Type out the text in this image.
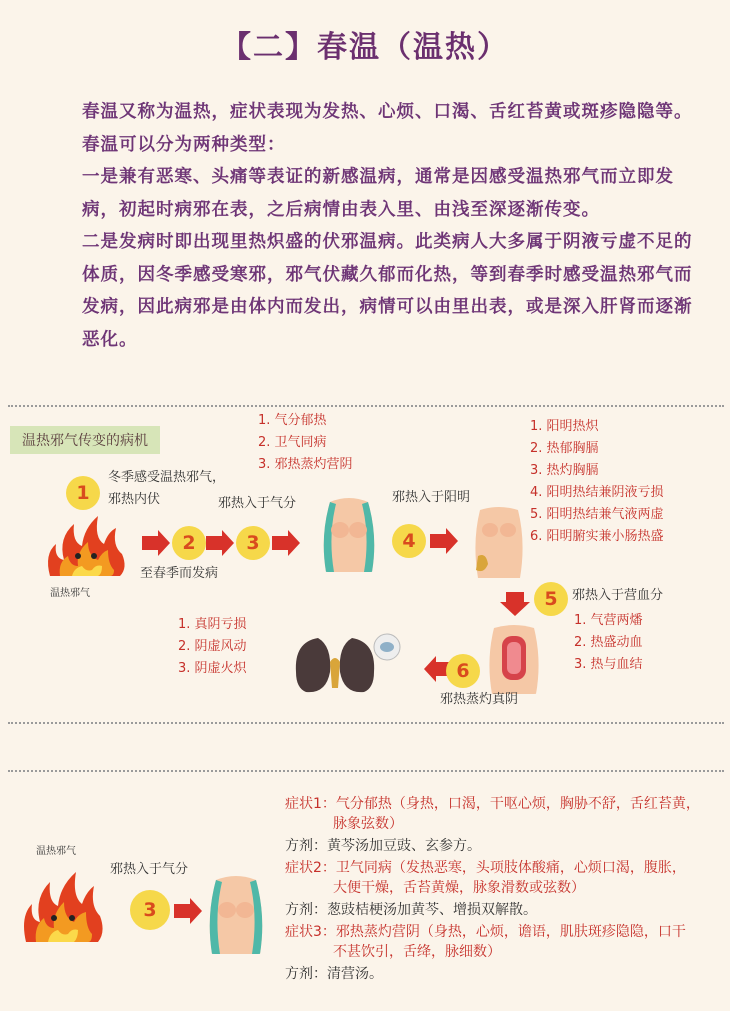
【二】春温（温热）

春温又称为温热，症状表现为发热、心烦、口渴、舌红苔黄或斑疹隐隐等。春温可以分为两种类型：

一是兼有恶寒、头痛等表证的新感温病，通常是因感受温热邪气而立即发病，初起时病邪在表，之后病情由表入里、由浅至深逐渐传变。

二是发病时即出现里热炽盛的伏邪温病。此类病人大多属于阴液亏虚不足的体质，因冬季感受寒邪，邪气伏藏久郁而化热，等到春季时感受温热邪气而发病，因此病邪是由体内而发出，病情可以由里出表，或是深入肝肾而逐渐恶化。

温热邪气传变的病机
1
冬季感受温热邪气，
邪热内伏
温热邪气
2	3
至春季而发病
邪热入于气分
1. 气分郁热
2. 卫气同病
3. 邪热蒸灼营阴
邪热入于阳明
4
1. 阳明热炽
2. 热郁胸膈
3. 热灼胸膈
4. 阳明热结兼阴液亏损
5. 阳明热结兼气液两虚
6. 阳明腑实兼小肠热盛
5	邪热入于营血分
1. 气营两燔
2. 热盛动血
3. 热与血结
6
邪热蒸灼真阴
1. 真阴亏损
2. 阴虚风动
3. 阴虚火炽
温热邪气
邪热入于气分
3
症状1：气分郁热（身热，口渴，干呕心烦，胸胁不舒，舌红苔黄，
脉象弦数）
方剂：黄芩汤加豆豉、玄参方。
症状2：卫气同病（发热恶寒，头项肢体酸痛，心烦口渴，腹胀，
大便干燥，舌苔黄燥，脉象滑数或弦数）
方剂：葱豉桔梗汤加黄芩、增损双解散。
症状3：邪热蒸灼营阴（身热，心烦，谵语，肌肤斑疹隐隐，口干
不甚饮引，舌绛，脉细数）
方剂：清营汤。
